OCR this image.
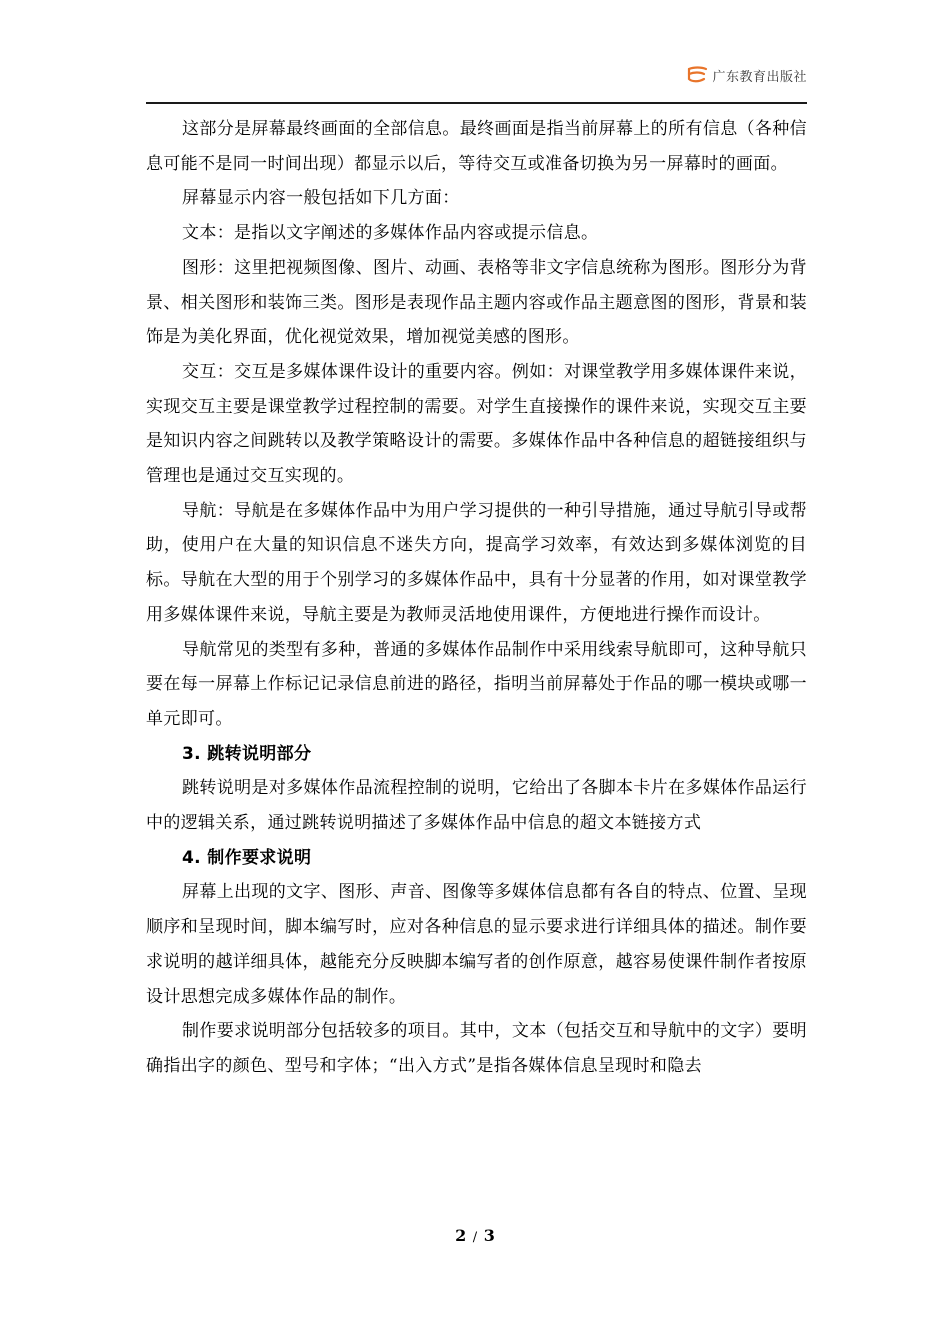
广东教育出版社

这部分是屏幕最终画面的全部信息。最终画面是指当前屏幕上的所有信息（各种信息可能不是同一时间出现）都显示以后，等待交互或准备切换为另一屏幕时的画面。

屏幕显示内容一般包括如下几方面：

文本：是指以文字阐述的多媒体作品内容或提示信息。

图形：这里把视频图像、图片、动画、表格等非文字信息统称为图形。图形分为背景、相关图形和装饰三类。图形是表现作品主题内容或作品主题意图的图形，背景和装饰是为美化界面，优化视觉效果，增加视觉美感的图形。

交互：交互是多媒体课件设计的重要内容。例如：对课堂教学用多媒体课件来说，实现交互主要是课堂教学过程控制的需要。对学生直接操作的课件来说，实现交互主要是知识内容之间跳转以及教学策略设计的需要。多媒体作品中各种信息的超链接组织与管理也是通过交互实现的。

导航：导航是在多媒体作品中为用户学习提供的一种引导措施，通过导航引导或帮助，使用户在大量的知识信息不迷失方向，提高学习效率，有效达到多媒体浏览的目标。导航在大型的用于个别学习的多媒体作品中，具有十分显著的作用，如对课堂教学用多媒体课件来说，导航主要是为教师灵活地使用课件，方便地进行操作而设计。

导航常见的类型有多种，普通的多媒体作品制作中采用线索导航即可，这种导航只要在每一屏幕上作标记记录信息前进的路径，指明当前屏幕处于作品的哪一模块或哪一单元即可。

3. 跳转说明部分

跳转说明是对多媒体作品流程控制的说明，它给出了各脚本卡片在多媒体作品运行中的逻辑关系，通过跳转说明描述了多媒体作品中信息的超文本链接方式

4. 制作要求说明

屏幕上出现的文字、图形、声音、图像等多媒体信息都有各自的特点、位置、呈现顺序和呈现时间，脚本编写时，应对各种信息的显示要求进行详细具体的描述。制作要求说明的越详细具体，越能充分反映脚本编写者的创作原意，越容易使课件制作者按原设计思想完成多媒体作品的制作。

制作要求说明部分包括较多的项目。其中，文本（包括交互和导航中的文字）要明确指出字的颜色、型号和字体；“出入方式”是指各媒体信息呈现时和隐去

2 / 3
